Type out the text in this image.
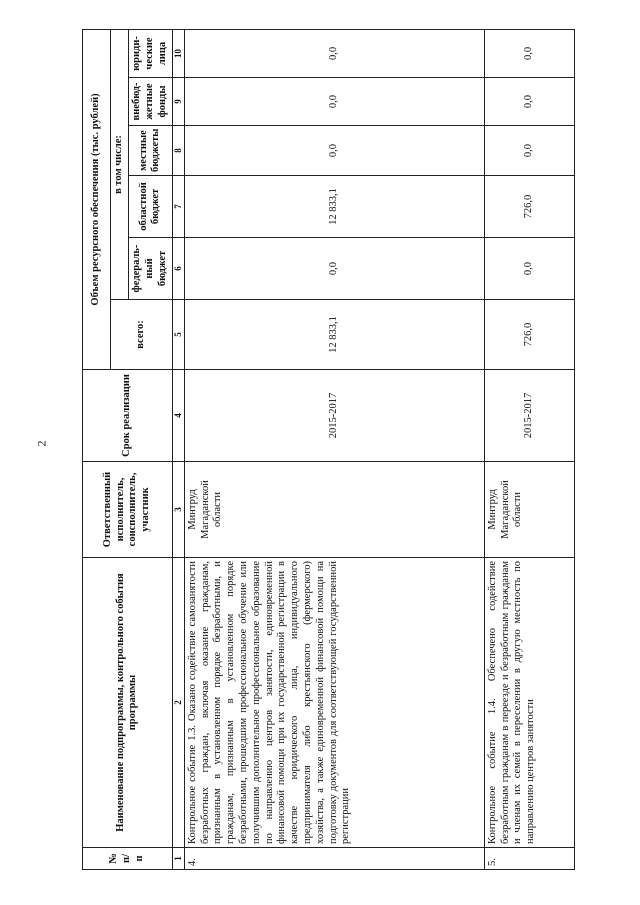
2
№ п/п	Наименование подпрограммы, контрольного события программы	Ответственный исполнитель, соисполнитель, участник	Срок реализации	Объем ресурсного обеспечения (тыс. рублей)					
				всего:	в том числе:				
					федераль-ный бюджет	областной бюджет	местные бюджеты	внебюд-жетные фонды	юриди-ческие лица
1	2	3	4	5	6	7	8	9	10
4.	Контрольное событие 1.3. Оказано содействие самозанятости безработных граждан, включая оказание гражданам, признанным в установленном порядке безработными, и гражданам, признанным в установленном порядке безработными, прошедшим профессиональное обучение или получившим дополнительное профессиональное образование по направлению центров занятости, единовременной финансовой помощи при их государственной регистрации в качестве юридического лица, индивидуального предпринимателя либо крестьянского (фермерского) хозяйства, а также единовременной финансовой помощи на подготовку документов для соответствующей государственной регистрации	Минтруд Магаданской области	2015-2017	12 833,1	0,0	12 833,1	0,0	0,0	0,0
5.	Контрольное событие 1.4. Обеспечено содействие безработным гражданам в переезде и безработным гражданам и членам их семей в переселении в другую местность по направлению центров занятости	Минтруд Магаданской области	2015-2017	726,0	0,0	726,0	0,0	0,0	0,0
